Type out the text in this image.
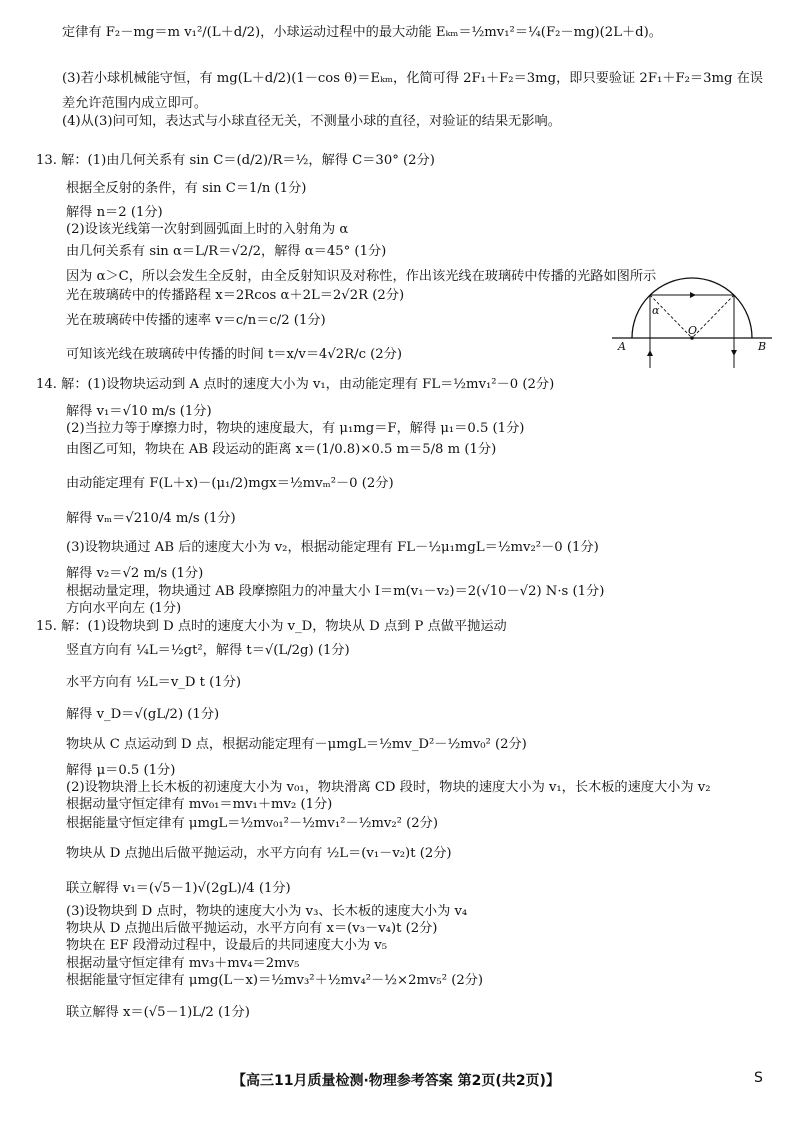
定律有 F₂－mg＝m v₁²/(L＋d/2)，小球运动过程中的最大动能 Eₖₘ＝½mv₁²＝¼(F₂－mg)(2L＋d)。
(3)若小球机械能守恒，有 mg(L＋d/2)(1－cos θ)＝Eₖₘ，化简可得 2F₁＋F₂＝3mg，即只要验证 2F₁＋F₂＝3mg 在误
差允许范围内成立即可。
(4)从(3)问可知，表达式与小球直径无关，不测量小球的直径，对验证的结果无影响。
13. 解：(1)由几何关系有 sin C＝(d/2)/R＝½，解得 C＝30° (2分)
根据全反射的条件，有 sin C＝1/n (1分)
解得 n＝2 (1分)
(2)设该光线第一次射到圆弧面上时的入射角为 α
由几何关系有 sin α＝L/R＝√2/2，解得 α＝45° (1分)
因为 α＞C，所以会发生全反射，由全反射知识及对称性，作出该光线在玻璃砖中传播的光路如图所示
光在玻璃砖中的传播路程 x＝2Rcos α＋2L＝2√2R (2分)
光在玻璃砖中传播的速率 v＝c/n＝c/2 (1分)
可知该光线在玻璃砖中传播的时间 t＝x/v＝4√2R/c (2分)
A	B
O
α
14. 解：(1)设物块运动到 A 点时的速度大小为 v₁，由动能定理有 FL＝½mv₁²－0 (2分)
解得 v₁＝√10 m/s (1分)
(2)当拉力等于摩擦力时，物块的速度最大，有 μ₁mg＝F，解得 μ₁＝0.5 (1分)
由图乙可知，物块在 AB 段运动的距离 x＝(1/0.8)×0.5 m＝5/8 m (1分)
由动能定理有 F(L＋x)－(μ₁/2)mgx＝½mvₘ²－0 (2分)
解得 vₘ＝√210/4 m/s (1分)
(3)设物块通过 AB 后的速度大小为 v₂，根据动能定理有 FL－½μ₁mgL＝½mv₂²－0 (1分)
解得 v₂＝√2 m/s (1分)
根据动量定理，物块通过 AB 段摩擦阻力的冲量大小 I＝m(v₁－v₂)＝2(√10－√2) N·s (1分)
方向水平向左 (1分)
15. 解：(1)设物块到 D 点时的速度大小为 v_D，物块从 D 点到 P 点做平抛运动
竖直方向有 ¼L＝½gt²，解得 t＝√(L/2g) (1分)
水平方向有 ½L＝v_D t (1分)
解得 v_D＝√(gL/2) (1分)
物块从 C 点运动到 D 点，根据动能定理有－μmgL＝½mv_D²－½mv₀² (2分)
解得 μ＝0.5 (1分)
(2)设物块滑上长木板的初速度大小为 v₀₁，物块滑离 CD 段时，物块的速度大小为 v₁，长木板的速度大小为 v₂
根据动量守恒定律有 mv₀₁＝mv₁＋mv₂ (1分)
根据能量守恒定律有 μmgL＝½mv₀₁²－½mv₁²－½mv₂² (2分)
物块从 D 点抛出后做平抛运动，水平方向有 ½L＝(v₁－v₂)t (2分)
联立解得 v₁＝(√5－1)√(2gL)/4 (1分)
(3)设物块到 D 点时，物块的速度大小为 v₃、长木板的速度大小为 v₄
物块从 D 点抛出后做平抛运动，水平方向有 x＝(v₃－v₄)t (2分)
物块在 EF 段滑动过程中，设最后的共同速度大小为 v₅
根据动量守恒定律有 mv₃＋mv₄＝2mv₅
根据能量守恒定律有 μmg(L－x)＝½mv₃²＋½mv₄²－½×2mv₅² (2分)
联立解得 x＝(√5－1)L/2 (1分)
【高三11月质量检测·物理参考答案 第2页(共2页)】	S
